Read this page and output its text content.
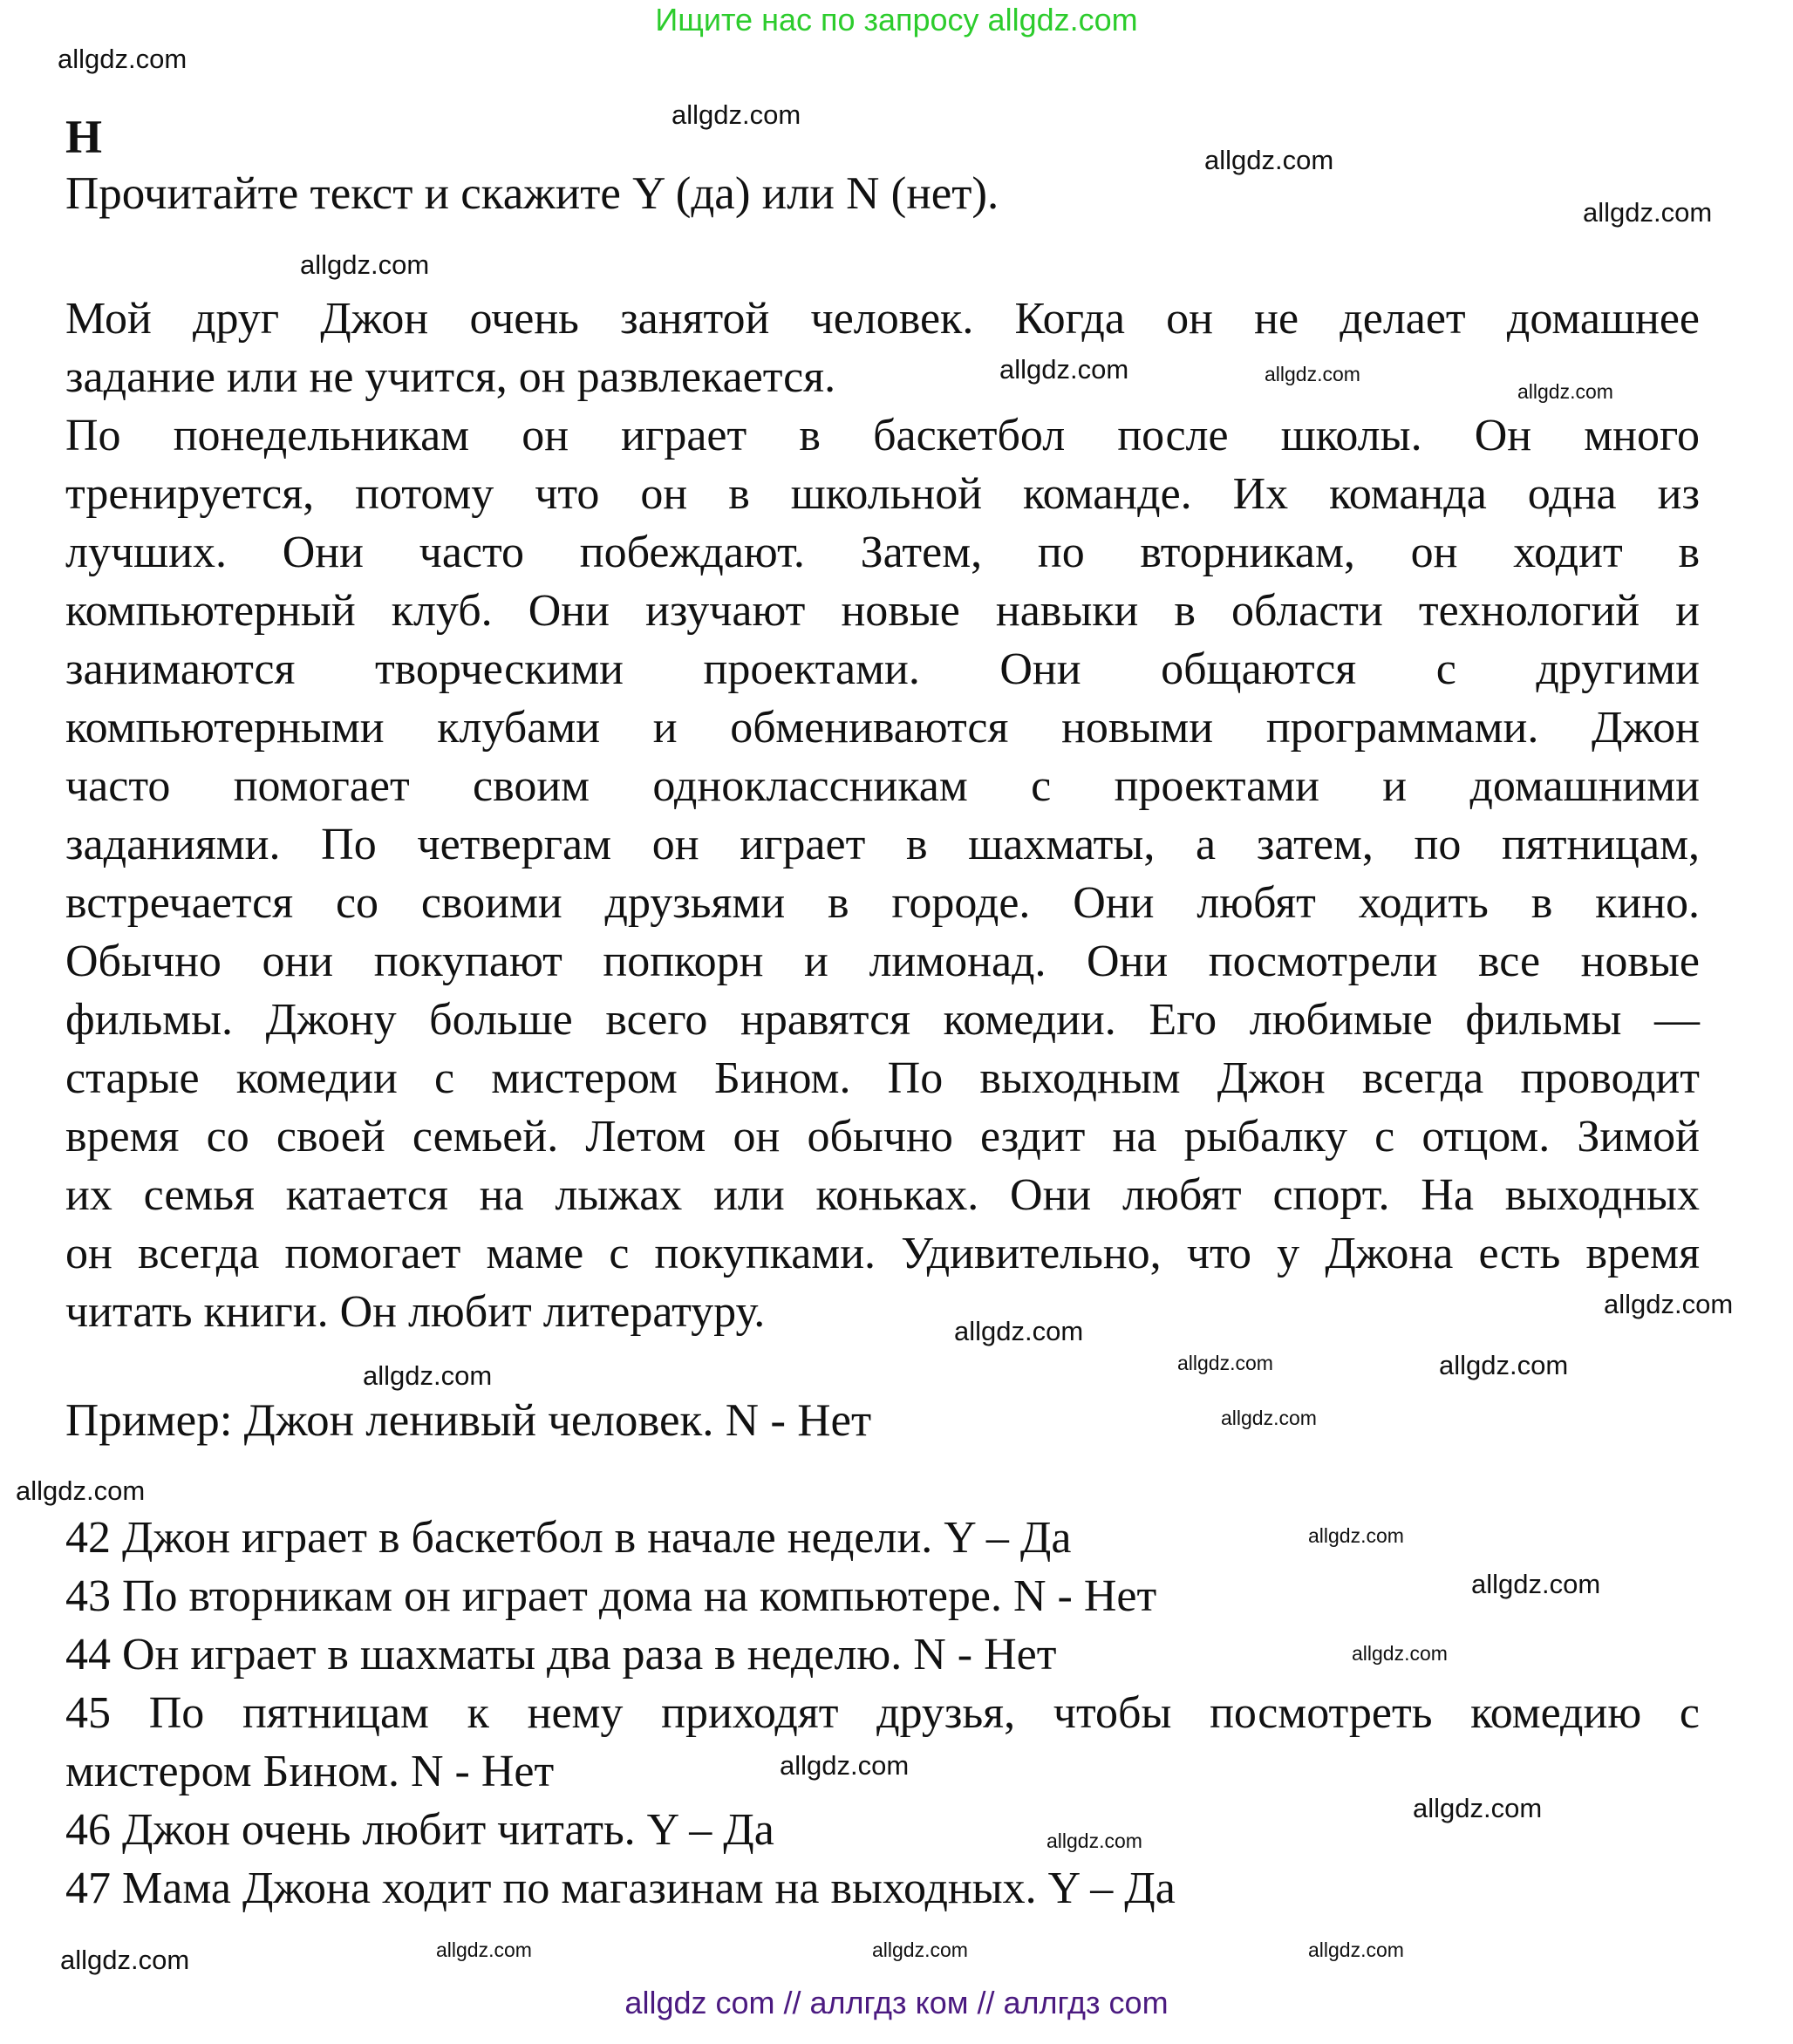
Ищите нас по запросу allgdz.com
Н
Прочитайте текст и скажите Y (да) или N (нет).
Мой друг Джон очень занятой человек. Когда он не делает домашнее
задание или не учится, он развлекается.
По понедельникам он играет в баскетбол после школы. Он много
тренируется, потому что он в школьной команде. Их команда одна из
лучших. Они часто побеждают. Затем, по вторникам, он ходит в
компьютерный клуб. Они изучают новые навыки в области технологий и
занимаются творческими проектами. Они общаются с другими
компьютерными клубами и обмениваются новыми программами. Джон
часто помогает своим одноклассникам с проектами и домашними
заданиями. По четвергам он играет в шахматы, а затем, по пятницам,
встречается со своими друзьями в городе. Они любят ходить в кино.
Обычно они покупают попкорн и лимонад. Они посмотрели все новые
фильмы. Джону больше всего нравятся комедии. Его любимые фильмы —
старые комедии с мистером Бином. По выходным Джон всегда проводит
время со своей семьей. Летом он обычно ездит на рыбалку с отцом. Зимой
их семья катается на лыжах или коньках. Они любят спорт. На выходных
он всегда помогает маме с покупками. Удивительно, что у Джона есть время
читать книги. Он любит литературу.
Пример: Джон ленивый человек. N - Нет
42 Джон играет в баскетбол в начале недели. Y – Да
43 По вторникам он играет дома на компьютере. N - Нет
44 Он играет в шахматы два раза в неделю. N - Нет
45 По пятницам к нему приходят друзья, чтобы посмотреть комедию с
мистером Бином. N - Нет
46 Джон очень любит читать. Y – Да
47 Мама Джона ходит по магазинам на выходных. Y – Да
allgdz.com
allgdz.com
allgdz.com
allgdz.com
allgdz.com
allgdz.com
allgdz.com
allgdz.com
allgdz.com
allgdz.com
allgdz.com
allgdz.com
allgdz.com
allgdz.com
allgdz.com
allgdz.com
allgdz.com
allgdz.com
allgdz.com
allgdz.com
allgdz.com
allgdz.com
allgdz.com
allgdz.com
allgdz.com
allgdz com // аллгдз ком // аллгдз com
